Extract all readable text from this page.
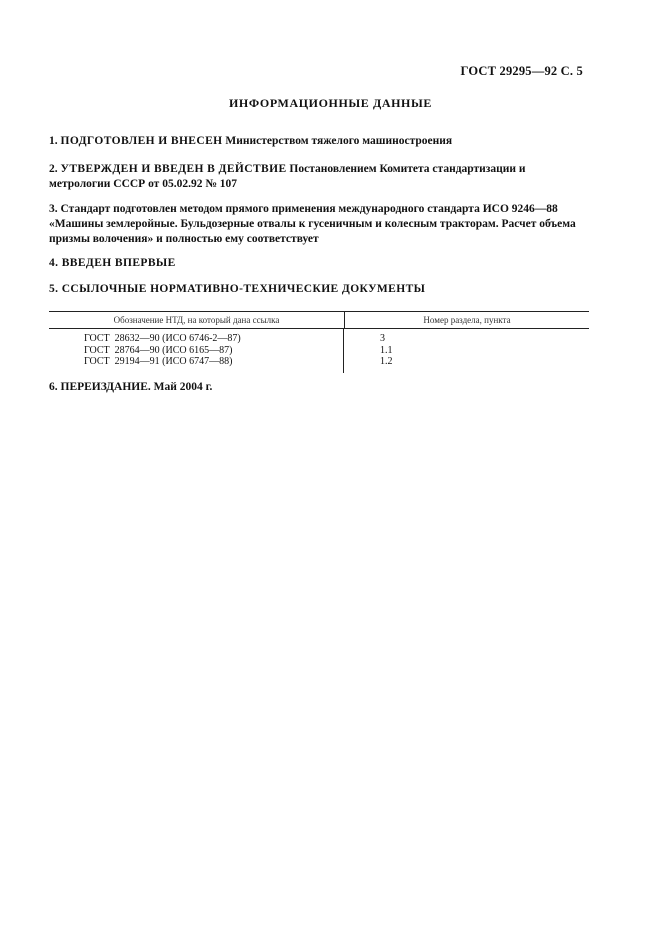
ГОСТ 29295—92 С. 5
ИНФОРМАЦИОННЫЕ ДАННЫЕ
1. ПОДГОТОВЛЕН И ВНЕСЕН Министерством тяжелого машиностроения
2. УТВЕРЖДЕН И ВВЕДЕН В ДЕЙСТВИЕ Постановлением Комитета стандартизации и метрологии СССР от 05.02.92 № 107
3. Стандарт подготовлен методом прямого применения международного стандарта ИСО 9246—88 «Машины землеройные. Бульдозерные отвалы к гусеничным и колесным тракторам. Расчет объема призмы волочения» и полностью ему соответствует
4. ВВЕДЕН ВПЕРВЫЕ
5. ССЫЛОЧНЫЕ НОРМАТИВНО-ТЕХНИЧЕСКИЕ ДОКУМЕНТЫ
Обозначение НТД, на который дана ссылка	Номер раздела, пункта
ГОСТ  28632—90 (ИСО 6746-2—87)
ГОСТ  28764—90 (ИСО 6165—87)
ГОСТ  29194—91 (ИСО 6747—88)
3
1.1
1.2
6. ПЕРЕИЗДАНИЕ. Май 2004 г.
